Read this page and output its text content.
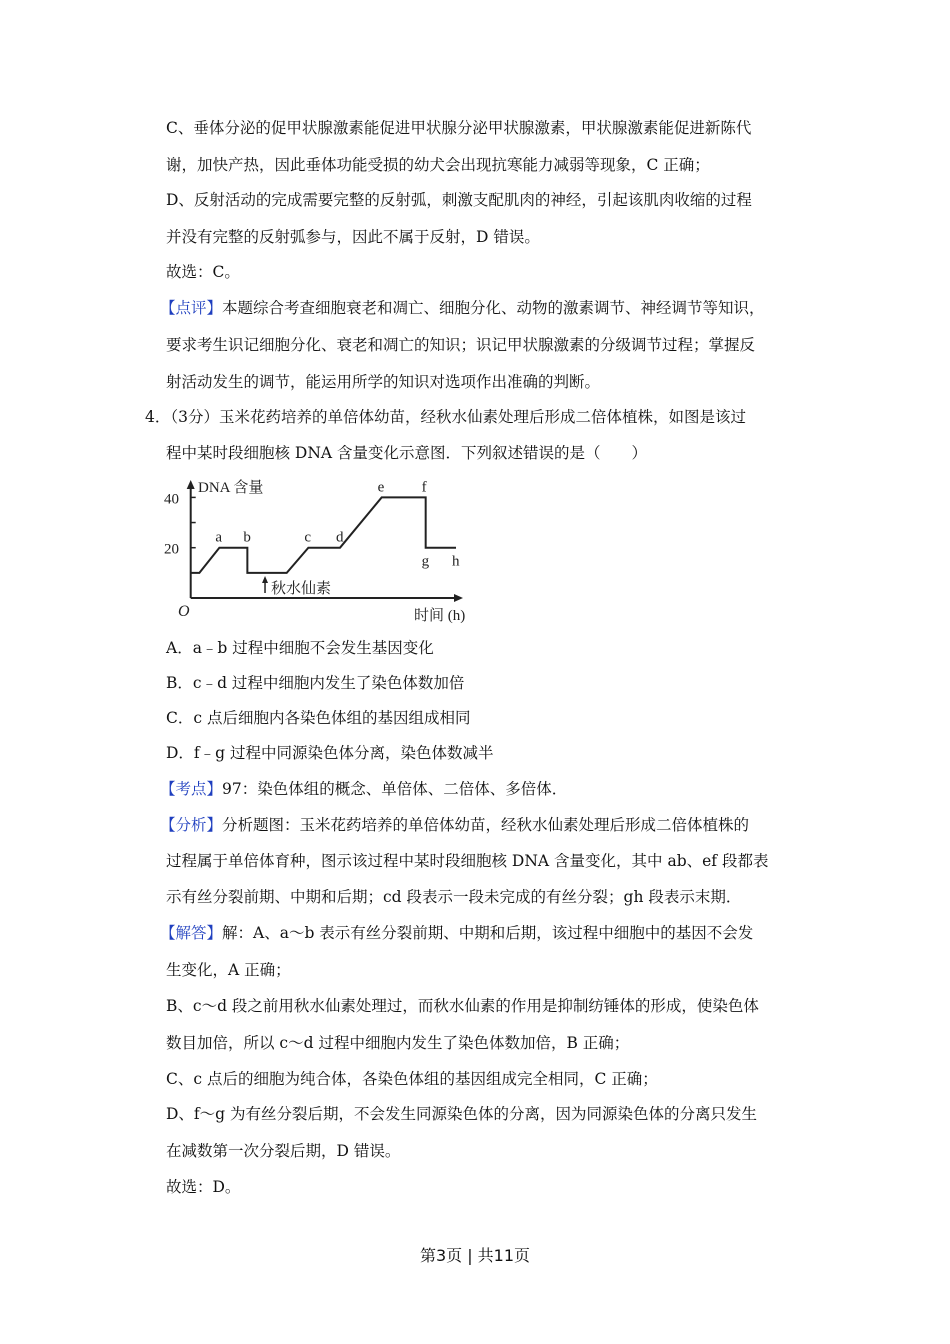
C、垂体分泌的促甲状腺激素能促进甲状腺分泌甲状腺激素，甲状腺激素能促进新陈代
谢，加快产热，因此垂体功能受损的幼犬会出现抗寒能力减弱等现象，C 正确；
D、反射活动的完成需要完整的反射弧，刺激支配肌肉的神经，引起该肌肉收缩的过程
并没有完整的反射弧参与，因此不属于反射，D 错误。
故选：C。
【点评】本题综合考查细胞衰老和凋亡、细胞分化、动物的激素调节、神经调节等知识，
要求考生识记细胞分化、衰老和凋亡的知识；识记甲状腺激素的分级调节过程；掌握反
射活动发生的调节，能运用所学的知识对选项作出准确的判断。
4．（3分）玉米花药培养的单倍体幼苗，经秋水仙素处理后形成二倍体植株，如图是该过
程中某时段细胞核 DNA 含量变化示意图．下列叙述错误的是（　　）
40
20
DNA 含量
时间 (h)
O
a b	c d
e f
g h
秋水仙素
A．a﹣b 过程中细胞不会发生基因变化
B．c﹣d 过程中细胞内发生了染色体数加倍
C．c 点后细胞内各染色体组的基因组成相同
D．f﹣g 过程中同源染色体分离，染色体数减半
【考点】97：染色体组的概念、单倍体、二倍体、多倍体．
【分析】分析题图：玉米花药培养的单倍体幼苗，经秋水仙素处理后形成二倍体植株的
过程属于单倍体育种，图示该过程中某时段细胞核 DNA 含量变化，其中 ab、ef 段都表
示有丝分裂前期、中期和后期；cd 段表示一段未完成的有丝分裂；gh 段表示末期．
【解答】解：A、a～b 表示有丝分裂前期、中期和后期，该过程中细胞中的基因不会发
生变化，A 正确；
B、c～d 段之前用秋水仙素处理过，而秋水仙素的作用是抑制纺锤体的形成，使染色体
数目加倍，所以 c～d 过程中细胞内发生了染色体数加倍，B 正确；
C、c 点后的细胞为纯合体，各染色体组的基因组成完全相同，C 正确；
D、f～g 为有丝分裂后期，不会发生同源染色体的分离，因为同源染色体的分离只发生
在减数第一次分裂后期，D 错误。
故选：D。
第3页 | 共11页
